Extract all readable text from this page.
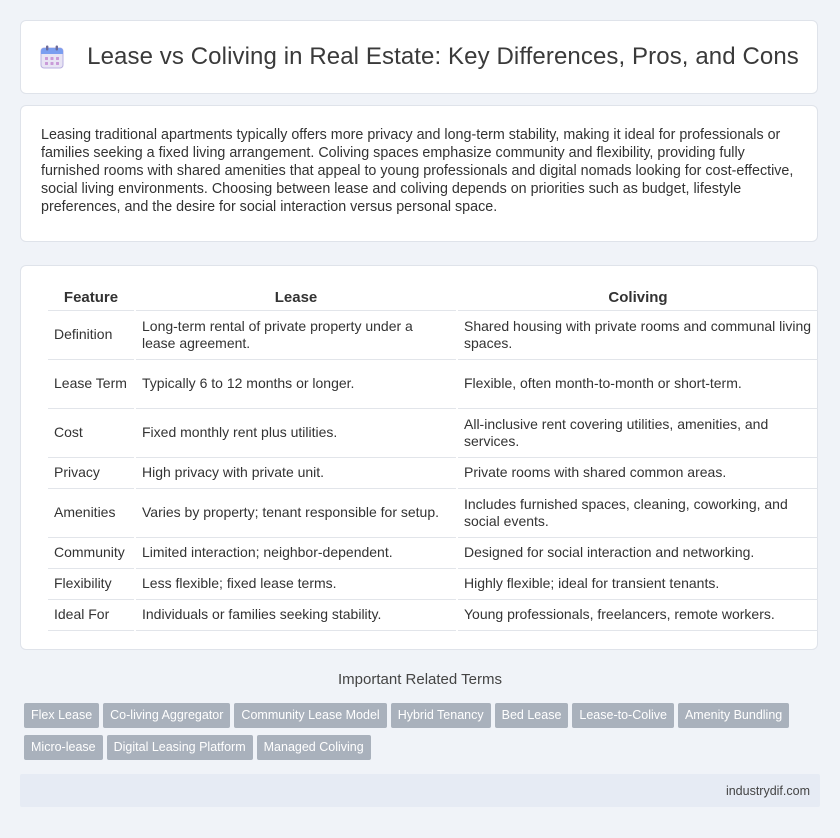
Lease vs Coliving in Real Estate: Key Differences, Pros, and Cons

Leasing traditional apartments typically offers more privacy and long-term stability, making it ideal for professionals or families seeking a fixed living arrangement. Coliving spaces emphasize community and flexibility, providing fully furnished rooms with shared amenities that appeal to young professionals and digital nomads looking for cost-effective, social living environments. Choosing between lease and coliving depends on priorities such as budget, lifestyle preferences, and the desire for social interaction versus personal space.

Feature	Lease	Coliving
Definition	Long-term rental of private property under a lease agreement.	Shared housing with private rooms and communal living spaces.
Lease Term	Typically 6 to 12 months or longer.	Flexible, often month-to-month or short-term.
Cost	Fixed monthly rent plus utilities.	All-inclusive rent covering utilities, amenities, and services.
Privacy	High privacy with private unit.	Private rooms with shared common areas.
Amenities	Varies by property; tenant responsible for setup.	Includes furnished spaces, cleaning, coworking, and social events.
Community	Limited interaction; neighbor-dependent.	Designed for social interaction and networking.
Flexibility	Less flexible; fixed lease terms.	Highly flexible; ideal for transient tenants.
Ideal For	Individuals or families seeking stability.	Young professionals, freelancers, remote workers.
Important Related Terms
Flex Lease Co-living Aggregator Community Lease Model Hybrid Tenancy Bed Lease Lease-to-Colive Amenity Bundling
Micro-lease Digital Leasing Platform Managed Coliving
industrydif.com
